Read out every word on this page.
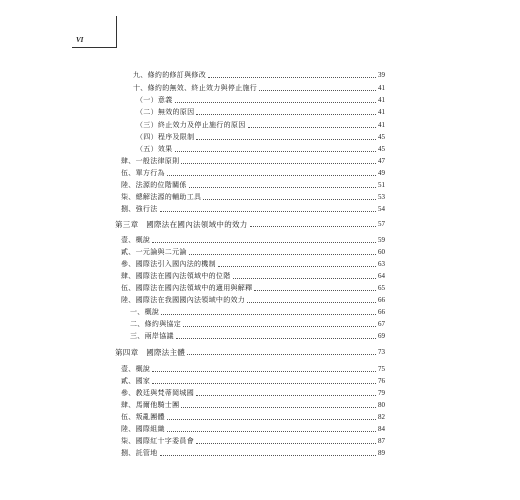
VI
九、條約的修訂與修改	39
十、條約的無效、終止效力與停止施行	41
（一）意義	41
（二）無效的原因	41
（三）終止效力及停止施行的原因	41
（四）程序及限制	45
（五）效果	45
肆、一般法律原則	47
伍、單方行為	49
陸、法源的位階關係	51
柒、總解法源的輔助工具	53
捌、強行法	54
第三章　國際法在國內法領域中的效力	57
壹、概說	59
貳、一元論與二元論	60
參、國際法引入國內法的機制	63
肆、國際法在國內法領域中的位階	64
伍、國際法在國內法領域中的適用與解釋	65
陸、國際法在我國國內法領域中的效力	66
一、概說	66
二、條約與協定	67
三、兩岸協議	69
第四章　國際法主體	73
壹、概說	75
貳、國家	76
參、教廷與梵蒂岡城國	79
肆、馬爾他騎士團	80
伍、叛亂團體	82
陸、國際組織	84
柒、國際紅十字委員會	87
捌、託管地	89
